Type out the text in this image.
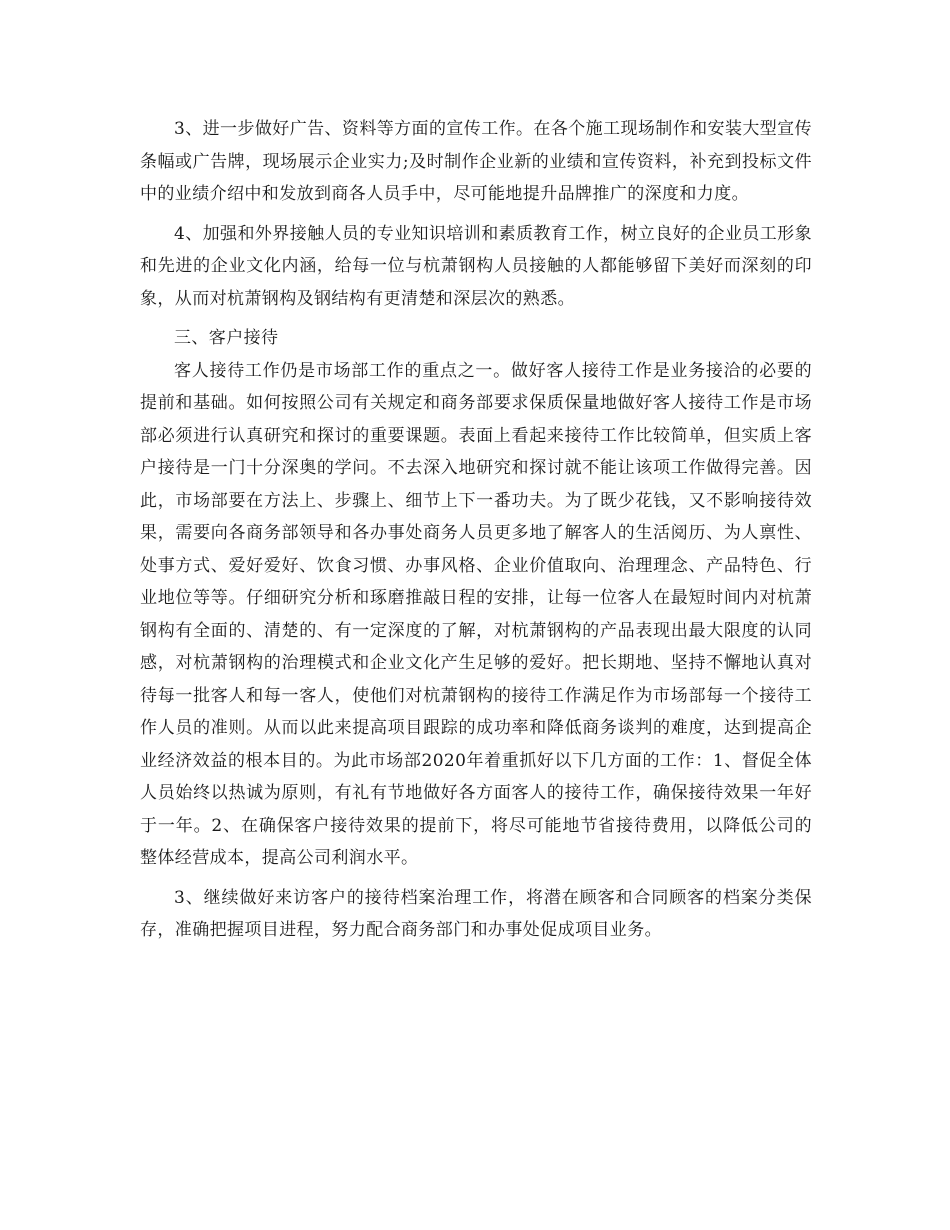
3、进一步做好广告、资料等方面的宣传工作。在各个施工现场制作和安装大型宣传条幅或广告牌，现场展示企业实力;及时制作企业新的业绩和宣传资料，补充到投标文件中的业绩介绍中和发放到商各人员手中，尽可能地提升品牌推广的深度和力度。

4、加强和外界接触人员的专业知识培训和素质教育工作，树立良好的企业员工形象和先进的企业文化内涵，给每一位与杭萧钢构人员接触的人都能够留下美好而深刻的印象，从而对杭萧钢构及钢结构有更清楚和深层次的熟悉。

三、客户接待

客人接待工作仍是市场部工作的重点之一。做好客人接待工作是业务接洽的必要的提前和基础。如何按照公司有关规定和商务部要求保质保量地做好客人接待工作是市场部必须进行认真研究和探讨的重要课题。表面上看起来接待工作比较简单，但实质上客户接待是一门十分深奥的学问。不去深入地研究和探讨就不能让该项工作做得完善。因此，市场部要在方法上、步骤上、细节上下一番功夫。为了既少花钱，又不影响接待效果，需要向各商务部领导和各办事处商务人员更多地了解客人的生活阅历、为人禀性、处事方式、爱好爱好、饮食习惯、办事风格、企业价值取向、治理理念、产品特色、行业地位等等。仔细研究分析和琢磨推敲日程的安排，让每一位客人在最短时间内对杭萧钢构有全面的、清楚的、有一定深度的了解，对杭萧钢构的产品表现出最大限度的认同感，对杭萧钢构的治理模式和企业文化产生足够的爱好。把长期地、坚持不懈地认真对待每一批客人和每一客人，使他们对杭萧钢构的接待工作满足作为市场部每一个接待工作人员的准则。从而以此来提高项目跟踪的成功率和降低商务谈判的难度，达到提高企业经济效益的根本目的。为此市场部2020年着重抓好以下几方面的工作：1、督促全体人员始终以热诚为原则，有礼有节地做好各方面客人的接待工作，确保接待效果一年好于一年。2、在确保客户接待效果的提前下，将尽可能地节省接待费用，以降低公司的整体经营成本，提高公司利润水平。

3、继续做好来访客户的接待档案治理工作，将潜在顾客和合同顾客的档案分类保存，准确把握项目进程，努力配合商务部门和办事处促成项目业务。
